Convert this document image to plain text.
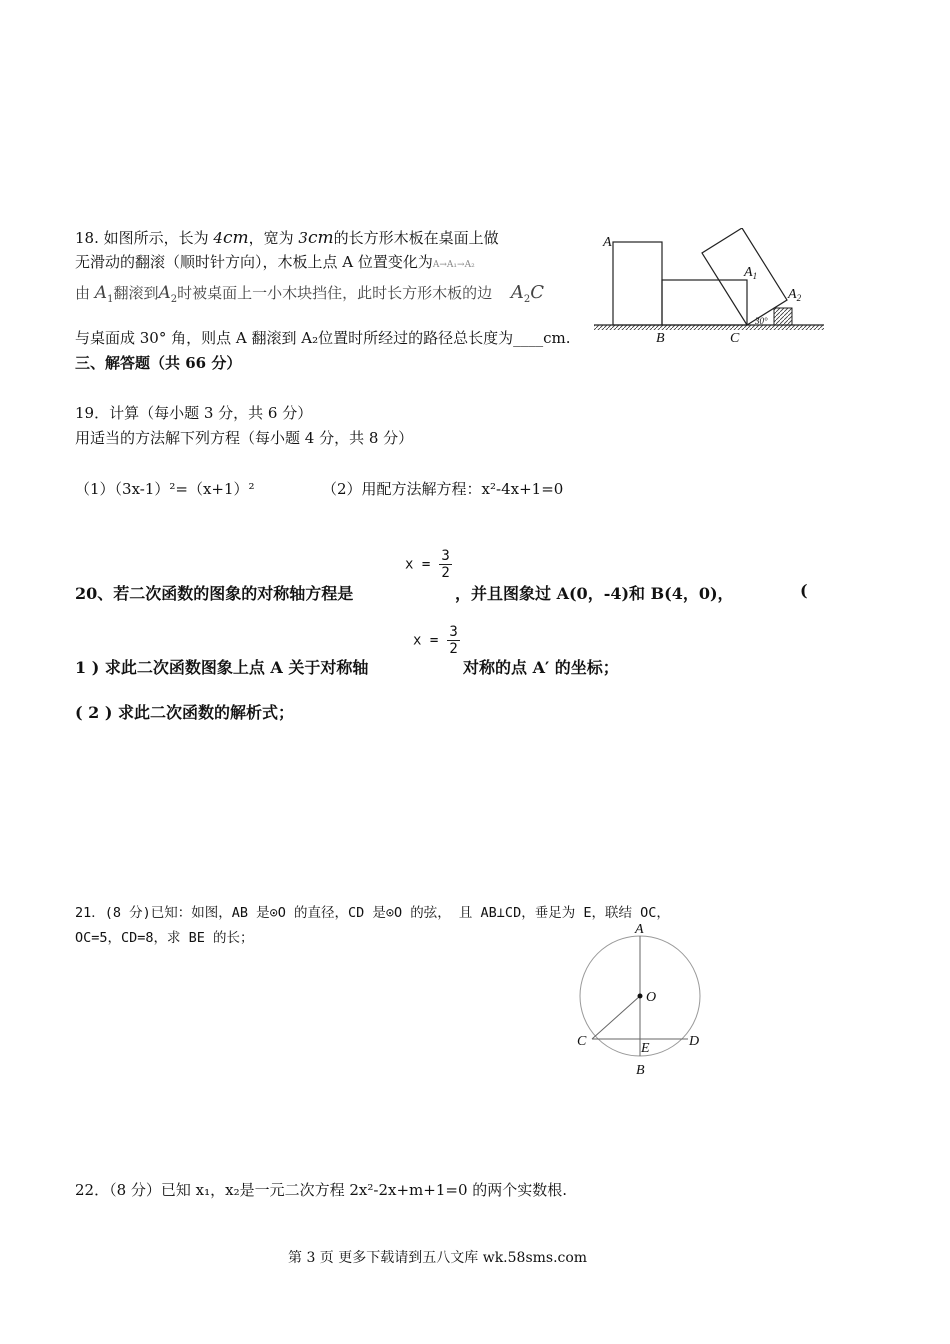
18. 如图所示，长为 4cm，宽为 3cm的长方形木板在桌面上做
无滑动的翻滚（顺时针方向），木板上点 A 位置变化为A→A₁→A₂
由 $A_1$翻滚到$A_2$时被桌面上一小木块挡住，此时长方形木板的边 $A_2C$
与桌面成 30° 角，则点 A 翻滚到 A₂位置时所经过的路径总长度为____cm.
A
$A_1$
$A_2$
B	C
30°
三、解答题（共 66 分）
19．计算（每小题 3 分，共 6 分）
用适当的方法解下列方程（每小题 4 分，共 8 分）
（1）（3x-1）²=（x+1）²	（2）用配方法解方程：x²-4x+1=0
20、若二次函数的图象的对称轴方程是
$x = \frac{3}{2}$
，并且图象过 A(0，-4)和 B(4，0)，	(
1 ) 求此二次函数图象上点 A 关于对称轴
$x = \frac{3}{2}$
对称的点 A′ 的坐标；
( 2 ) 求此二次函数的解析式；
21．(8 分)已知：如图，AB 是⊙O 的直径，CD 是⊙O 的弦， 且 AB⊥CD，垂足为 E，联结 OC，
OC=5，CD=8，求 BE 的长；
A
O
C	D
E
B
22．（8 分）已知 x₁，x₂是一元二次方程 2x²-2x+m+1=0 的两个实数根.
第 3 页 更多下载请到五八文库 wk.58sms.com
